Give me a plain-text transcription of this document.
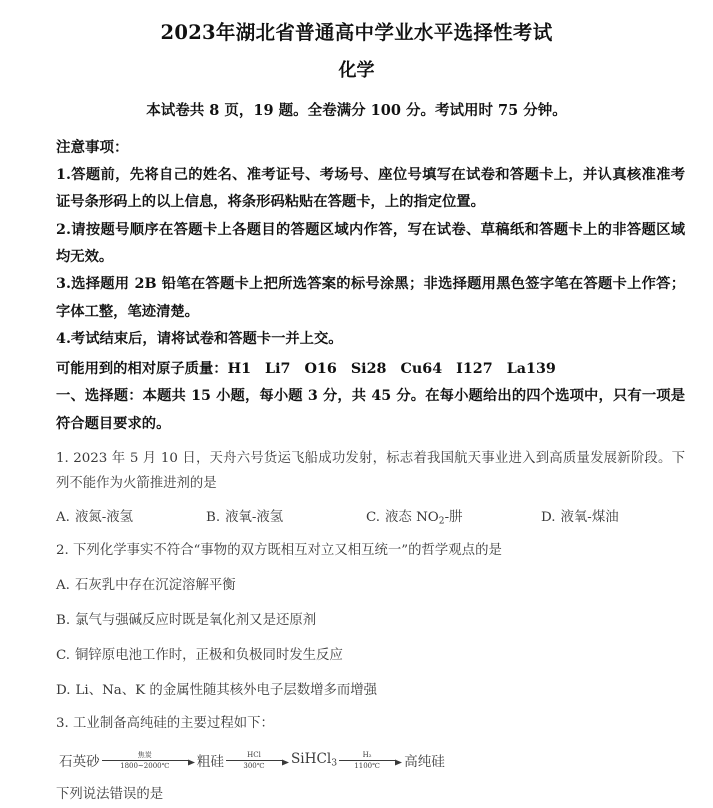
2023年湖北省普通高中学业水平选择性考试
化学
本试卷共 8 页，19 题。全卷满分 100 分。考试用时 75 分钟。
注意事项：
1.答题前，先将自己的姓名、准考证号、考场号、座位号填写在试卷和答题卡上，并认真核准准考证号条形码上的以上信息，将条形码粘贴在答题卡，上的指定位置。
2.请按题号顺序在答题卡上各题目的答题区域内作答，写在试卷、草稿纸和答题卡上的非答题区域均无效。
3.选择题用 2B 铅笔在答题卡上把所选答案的标号涂黑；非选择题用黑色签字笔在答题卡上作答；字体工整，笔迹清楚。
4.考试结束后，请将试卷和答题卡一并上交。
可能用到的相对原子质量：H1 Li7 O16 Si28 Cu64 I127 La139
一、选择题：本题共 15 小题，每小题 3 分，共 45 分。在每小题给出的四个选项中，只有一项是符合题目要求的。
1. 2023 年 5 月 10 日，天舟六号货运飞船成功发射，标志着我国航天事业进入到高质量发展新阶段。下列不能作为火箭推进剂的是
A. 液氮-液氢	B. 液氧-液氢	C. 液态 $NO_2-$肼	D. 液氧-煤油
2. 下列化学事实不符合“事物的双方既相互对立又相互统一”的哲学观点的是
A. 石灰乳中存在沉淀溶解平衡
B. 氯气与强碱反应时既是氧化剂又是还原剂
C. 铜锌原电池工作时，正极和负极同时发生反应
D. Li、Na、K 的金属性随其核外电子层数增多而增强
3. 工业制备高纯硅的主要过程如下：
石英砂	焦炭
1800~2000℃	粗硅	HCl
300℃	SiHCl$_3$
H₂
1100℃	高纯硅
下列说法错误的是
